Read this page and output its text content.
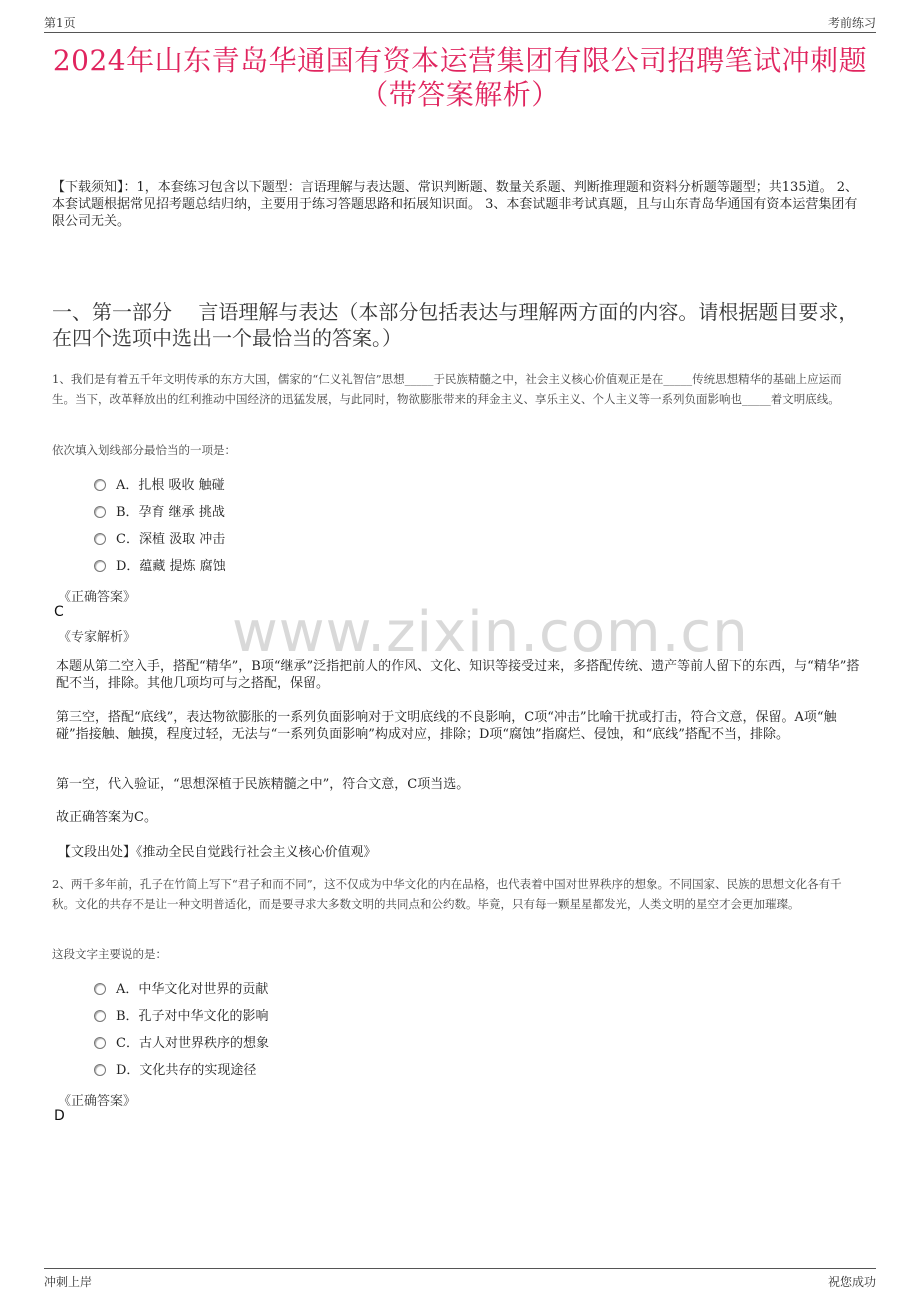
第1页	考前练习
2024年山东青岛华通国有资本运营集团有限公司招聘笔试冲刺题（带答案解析）
【下载须知】：1，本套练习包含以下题型：言语理解与表达题、常识判断题、数量关系题、判断推理题和资料分析题等题型；共135道。 2、本套试题根据常见招考题总结归纳，主要用于练习答题思路和拓展知识面。 3、本套试题非考试真题，且与山东青岛华通国有资本运营集团有限公司无关。
一、第一部分　 言语理解与表达（本部分包括表达与理解两方面的内容。请根据题目要求，在四个选项中选出一个最恰当的答案。）
1、我们是有着五千年文明传承的东方大国，儒家的“仁义礼智信”思想_____于民族精髓之中，社会主义核心价值观正是在_____传统思想精华的基础上应运而生。当下，改革释放出的红利推动中国经济的迅猛发展，与此同时，物欲膨胀带来的拜金主义、享乐主义、个人主义等一系列负面影响也_____着文明底线。
依次填入划线部分最恰当的一项是：
A．扎根 吸收 触碰
B．孕育 继承 挑战
C．深植 汲取 冲击
D．蕴藏 提炼 腐蚀
《正确答案》
C
《专家解析》 www.zixin.com.cn
本题从第二空入手，搭配“精华”，B项“继承”泛指把前人的作风、文化、知识等接受过来，多搭配传统、遗产等前人留下的东西，与“精华”搭配不当，排除。其他几项均可与之搭配，保留。
第三空，搭配“底线”，表达物欲膨胀的一系列负面影响对于文明底线的不良影响，C项“冲击”比喻干扰或打击，符合文意，保留。A项“触碰”指接触、触摸，程度过轻，无法与“一系列负面影响”构成对应，排除；D项“腐蚀”指腐烂、侵蚀，和“底线”搭配不当，排除。
第一空，代入验证，“思想深植于民族精髓之中”，符合文意，C项当选。
故正确答案为C。
【文段出处】《推动全民自觉践行社会主义核心价值观》
2、两千多年前，孔子在竹简上写下“君子和而不同”，这不仅成为中华文化的内在品格，也代表着中国对世界秩序的想象。不同国家、民族的思想文化各有千秋。文化的共存不是让一种文明普适化，而是要寻求大多数文明的共同点和公约数。毕竟，只有每一颗星星都发光，人类文明的星空才会更加璀璨。
这段文字主要说的是：
A．中华文化对世界的贡献
B．孔子对中华文化的影响
C．古人对世界秩序的想象
D．文化共存的实现途径
《正确答案》
D
冲刺上岸	祝您成功
